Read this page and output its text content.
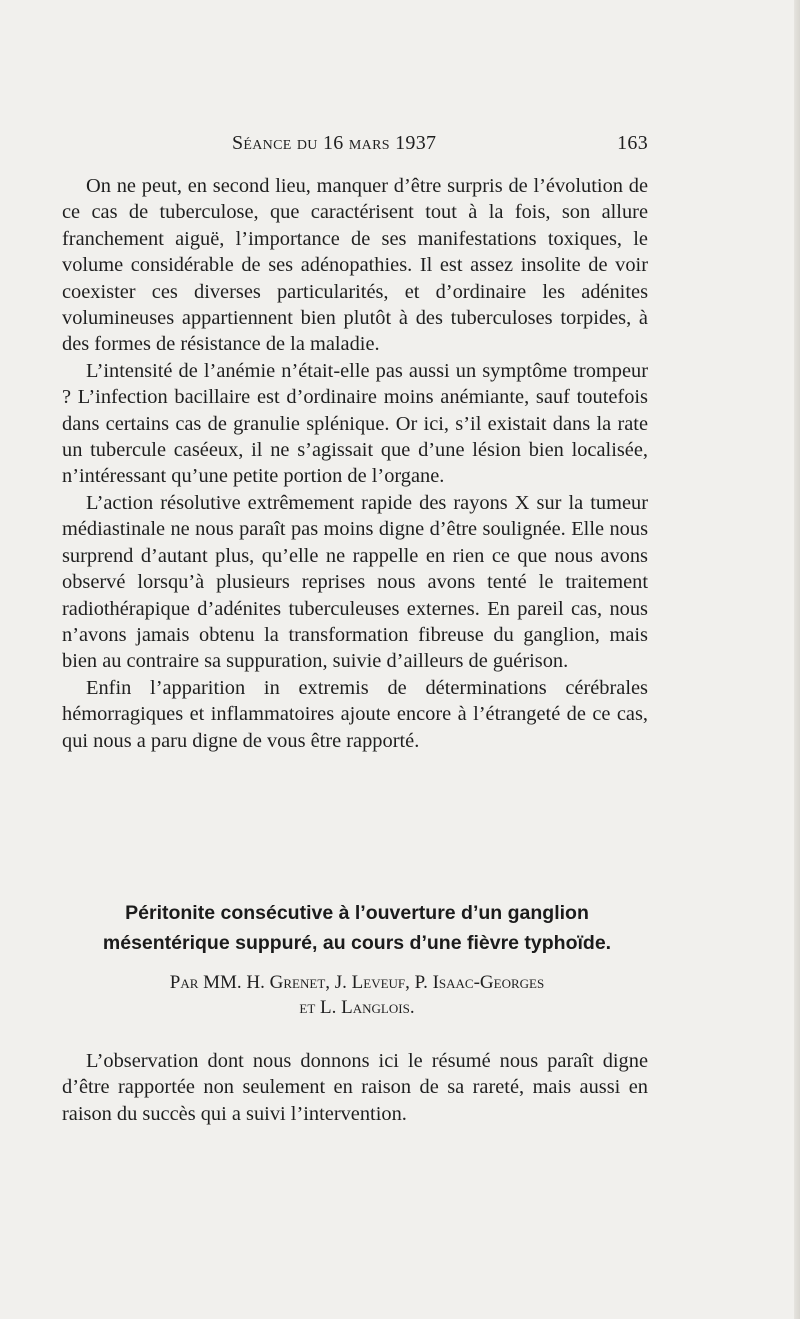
Séance du 16 mars 1937	163

On ne peut, en second lieu, manquer d’être surpris de l’évolution de ce cas de tuberculose, que caractérisent tout à la fois, son allure franchement aiguë, l’importance de ses manifestations toxiques, le volume considérable de ses adénopathies. Il est assez insolite de voir coexister ces diverses particularités, et d’ordinaire les adénites volumineuses appartiennent bien plutôt à des tuberculoses torpides, à des formes de résistance de la maladie.

L’intensité de l’anémie n’était-elle pas aussi un symptôme trompeur ? L’infection bacillaire est d’ordinaire moins anémiante, sauf toutefois dans certains cas de granulie splénique. Or ici, s’il existait dans la rate un tubercule caséeux, il ne s’agissait que d’une lésion bien localisée, n’intéressant qu’une petite portion de l’organe.

L’action résolutive extrêmement rapide des rayons X sur la tumeur médiastinale ne nous paraît pas moins digne d’être soulignée. Elle nous surprend d’autant plus, qu’elle ne rappelle en rien ce que nous avons observé lorsqu’à plusieurs reprises nous avons tenté le traitement radiothérapique d’adénites tuberculeuses externes. En pareil cas, nous n’avons jamais obtenu la transformation fibreuse du ganglion, mais bien au contraire sa suppuration, suivie d’ailleurs de guérison.

Enfin l’apparition in extremis de déterminations cérébrales hémorragiques et inflammatoires ajoute encore à l’étrangeté de ce cas, qui nous a paru digne de vous être rapporté.

Péritonite consécutive à l’ouverture d’un ganglion mésentérique suppuré, au cours d’une fièvre typhoïde.
Par MM. H. Grenet, J. Leveuf, P. Isaac-Georges
et L. Langlois.

L’observation dont nous donnons ici le résumé nous paraît digne d’être rapportée non seulement en raison de sa rareté, mais aussi en raison du succès qui a suivi l’intervention.
